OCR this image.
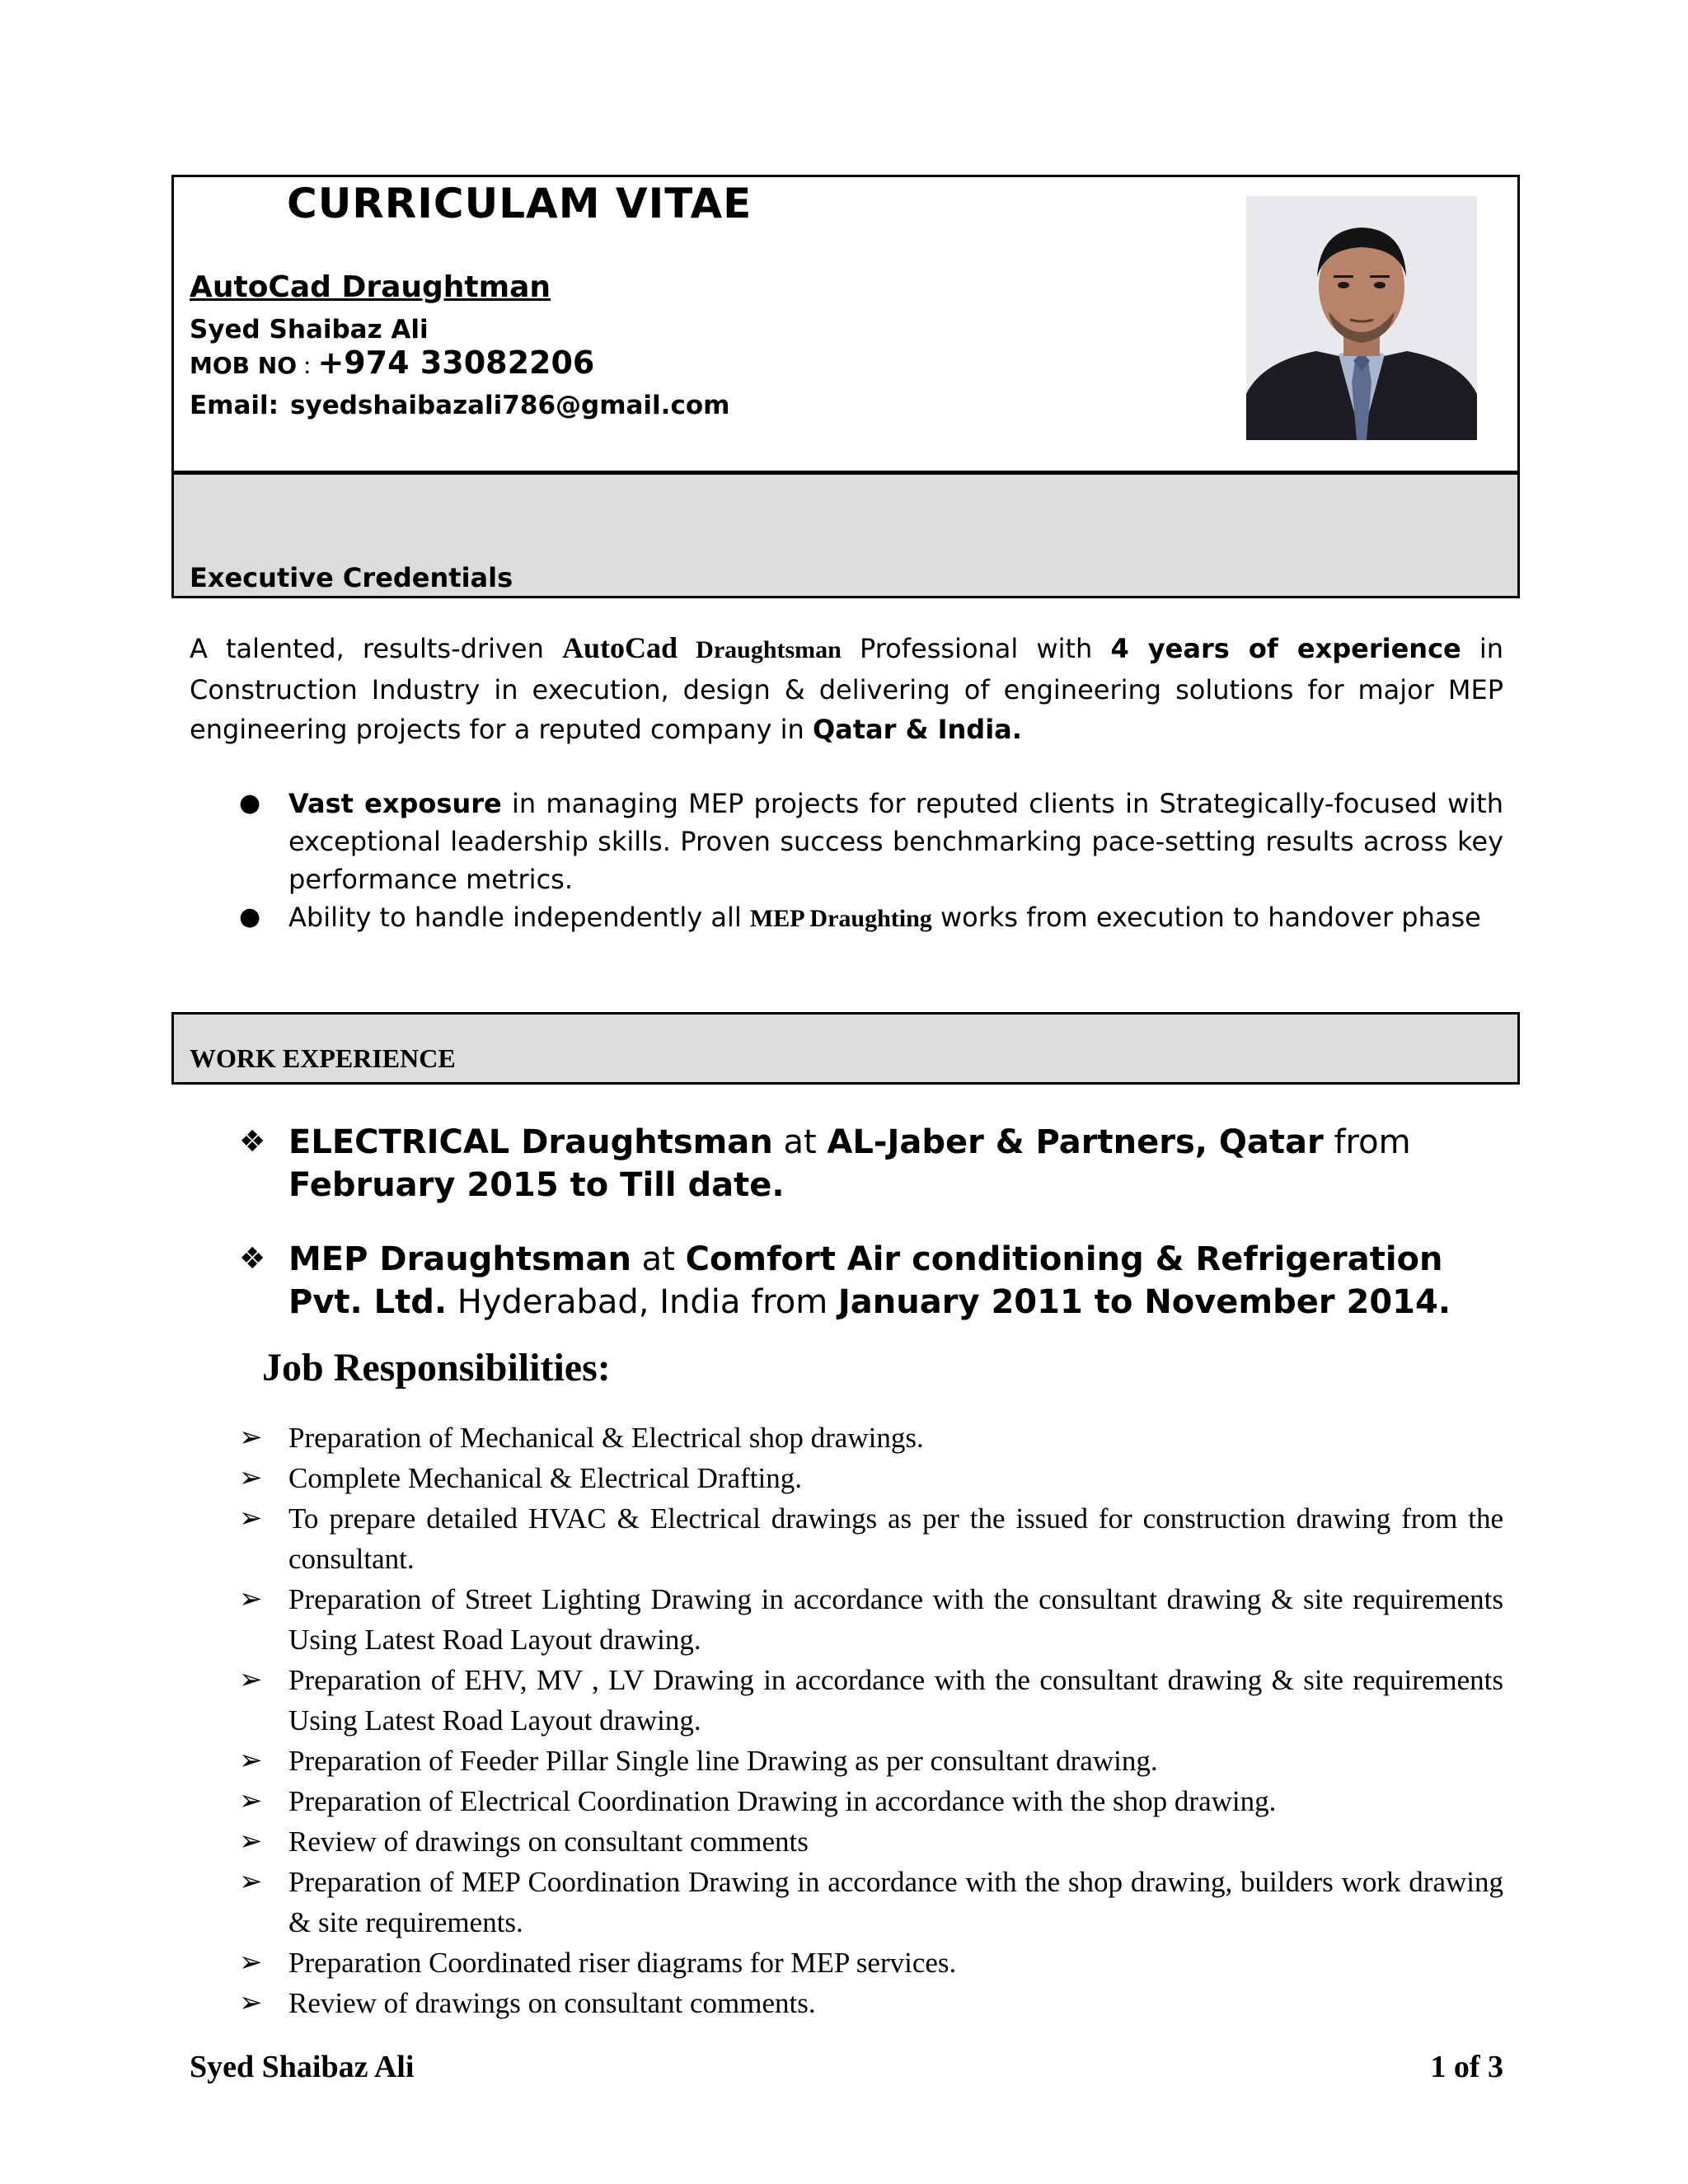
CURRICULAM VITAE
AutoCad Draughtman
Syed Shaibaz Ali
MOB NO : +974 33082206
Email: syedshaibazali786@gmail.com
Executive Credentials
A talented, results-driven AutoCad Draughtsman Professional with 4 years of experience in Construction Industry in execution, design & delivering of engineering solutions for major MEP engineering projects for a reputed company in Qatar & India.
● Vast exposure in managing MEP projects for reputed clients in Strategically-focused with exceptional leadership skills. Proven success benchmarking pace-setting results across key performance metrics.
● Ability to handle independently all MEP Draughting works from execution to handover phase
WORK EXPERIENCE
❖ ELECTRICAL Draughtsman at AL-Jaber & Partners, Qatar from February 2015 to Till date.
❖ MEP Draughtsman at Comfort Air conditioning & Refrigeration Pvt. Ltd. Hyderabad, India from January 2011 to November 2014.
Job Responsibilities:
➢ Preparation of Mechanical & Electrical shop drawings.
➢ Complete Mechanical & Electrical Drafting.
➢ To prepare detailed HVAC & Electrical drawings as per the issued for construction drawing from the consultant.
➢ Preparation of Street Lighting Drawing in accordance with the consultant drawing & site requirements Using Latest Road Layout drawing.
➢ Preparation of EHV, MV , LV Drawing in accordance with the consultant drawing & site requirements Using Latest Road Layout drawing.
➢ Preparation of Feeder Pillar Single line Drawing as per consultant drawing.
➢ Preparation of Electrical Coordination Drawing in accordance with the shop drawing.
➢ Review of drawings on consultant comments
➢ Preparation of MEP Coordination Drawing in accordance with the shop drawing, builders work drawing & site requirements.
➢ Preparation Coordinated riser diagrams for MEP services.
➢ Review of drawings on consultant comments.
Syed Shaibaz Ali	1 of 3
